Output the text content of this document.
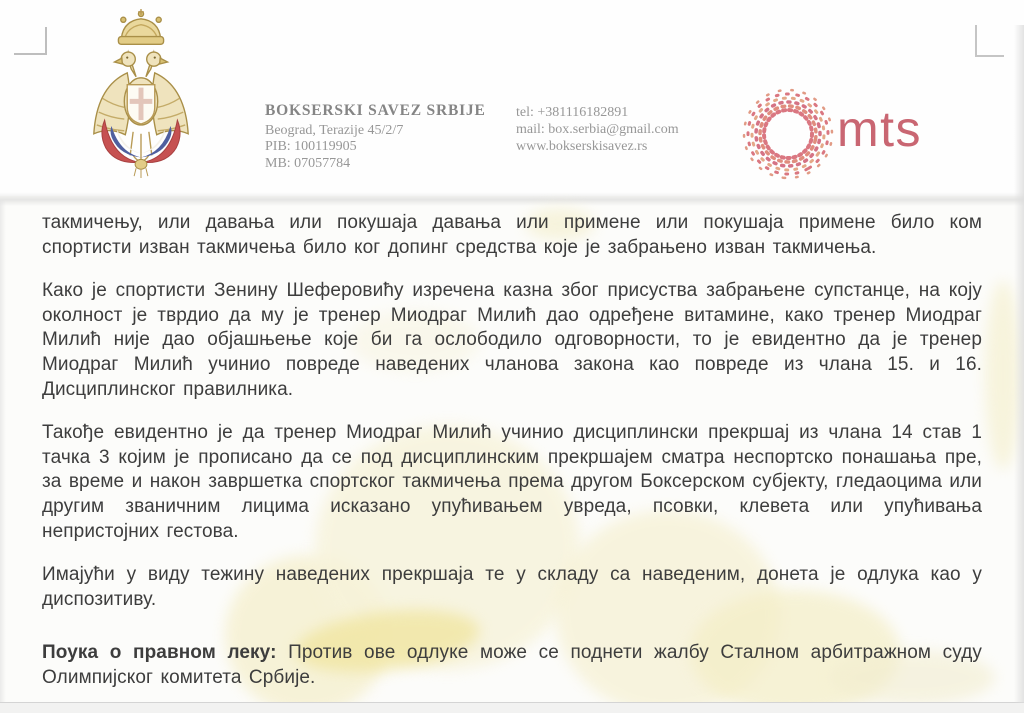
BOKSERSKI SAVEZ SRBIJE
Beograd, Terazije 45/2/7
PIB: 100119905
MB: 07057784
tel: +381116182891
mail: box.serbia@gmail.com
www.bokserskisavez.rs	mts

такмичењу, или давања или покушаја давања или примене или покушаја примене било ком спортисти изван такмичења било ког допинг средства које је забрањено изван такмичења.

Како је спортисти Зенину Шеферовићу изречена казна због присуства забрањене супстанце, на коју околност је тврдио да му је тренер Миодраг Милић дао одређене витамине, како тренер Миодраг Милић није дао објашњење које би га ослободило одговорности, то је евидентно да је тренер Миодраг Милић учинио повреде наведених чланова закона као повреде из члана 15. и 16. Дисциплинског правилника.

Такође евидентно је да тренер Миодраг Милић учинио дисциплински прекршај из члана 14 став 1 тачка 3 којим је прописано да се под дисциплинским прекршајем сматра неспортско понашања пре, за време и након завршетка спортског такмичења према другом Боксерском субјекту, гледаоцима или другим званичним лицима исказано упућивањем увреда, псовки, клевета или упућивања непристојних гестова.

Имајући у виду тежину наведених прекршаја те у складу са наведеним, донета је одлука као у диспозитиву.

Поука о правном леку: Против ове одлуке може се поднети жалбу Сталном арбитражном суду Олимпијског комитета Србије.
